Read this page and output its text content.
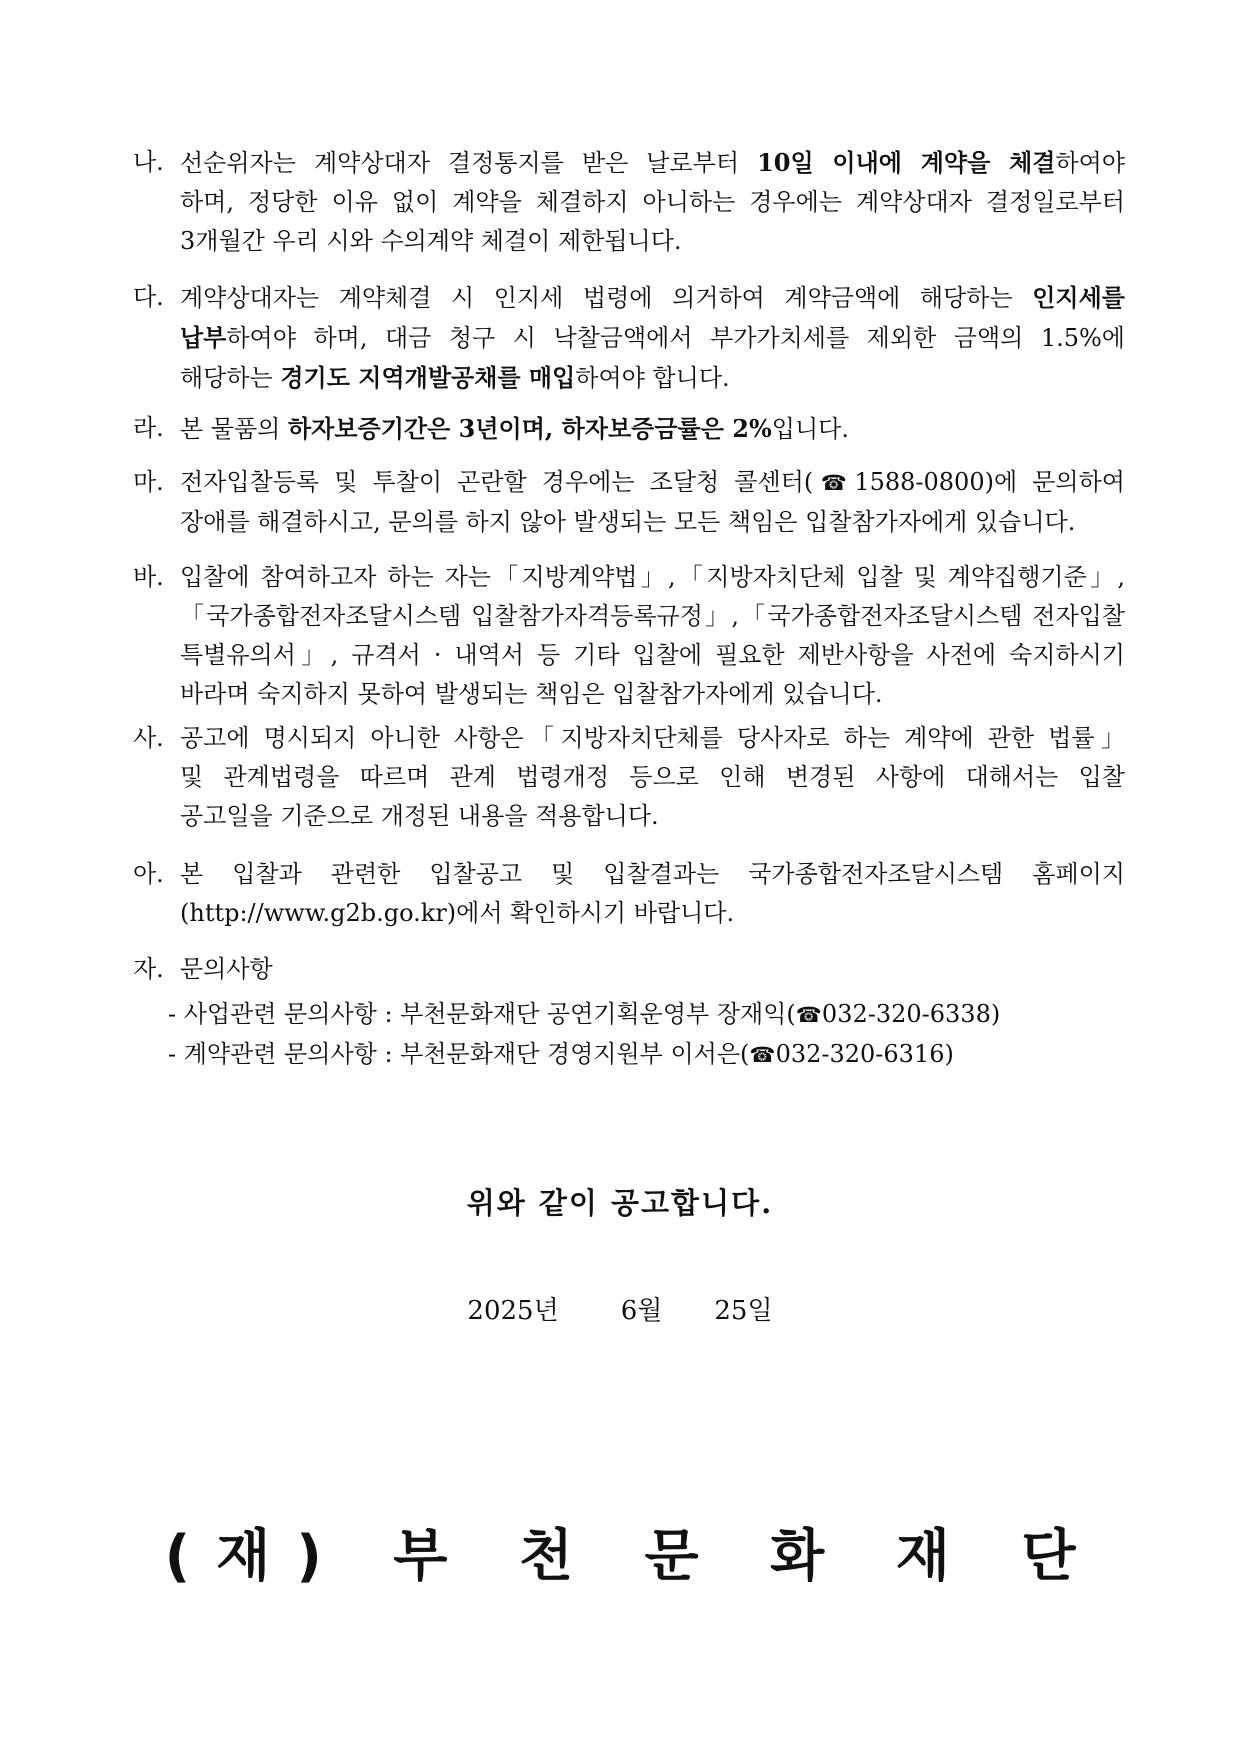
나. 선순위자는 계약상대자 결정통지를 받은 날로부터 10일 이내에 계약을 체결하여야
하며, 정당한 이유 없이 계약을 체결하지 아니하는 경우에는 계약상대자 결정일로부터
3개월간 우리 시와 수의계약 체결이 제한됩니다.
다. 계약상대자는 계약체결 시 인지세 법령에 의거하여 계약금액에 해당하는 인지세를
납부하여야 하며, 대금 청구 시 낙찰금액에서 부가가치세를 제외한 금액의 1.5%에
해당하는 경기도 지역개발공채를 매입하여야 합니다.
라. 본 물품의 하자보증기간은 3년이며, 하자보증금률은 2%입니다.
마. 전자입찰등록 및 투찰이 곤란할 경우에는 조달청 콜센터(☎1588-0800)에 문의하여
장애를 해결하시고, 문의를 하지 않아 발생되는 모든 책임은 입찰참가자에게 있습니다.
바. 입찰에 참여하고자 하는 자는「지방계약법」,「지방자치단체 입찰 및 계약집행기준」,
「국가종합전자조달시스템 입찰참가자격등록규정」,「국가종합전자조달시스템 전자입찰
특별유의서」, 규격서 · 내역서 등 기타 입찰에 필요한 제반사항을 사전에 숙지하시기
바라며 숙지하지 못하여 발생되는 책임은 입찰참가자에게 있습니다.
사. 공고에 명시되지 아니한 사항은「지방자치단체를 당사자로 하는 계약에 관한 법률」
및 관계법령을 따르며 관계 법령개정 등으로 인해 변경된 사항에 대해서는 입찰
공고일을 기준으로 개정된 내용을 적용합니다.
아. 본 입찰과 관련한 입찰공고 및 입찰결과는 국가종합전자조달시스템 홈페이지
(http://www.g2b.go.kr)에서 확인하시기 바랍니다.
자. 문의사항
- 사업관련 문의사항 : 부천문화재단 공연기획운영부 장재익(☎032-320-6338)
- 계약관련 문의사항 : 부천문화재단 경영지원부 이서은(☎032-320-6316)
위와 같이 공고합니다.
2025년 6월 25일
(재) 부 천 문 화 재 단
